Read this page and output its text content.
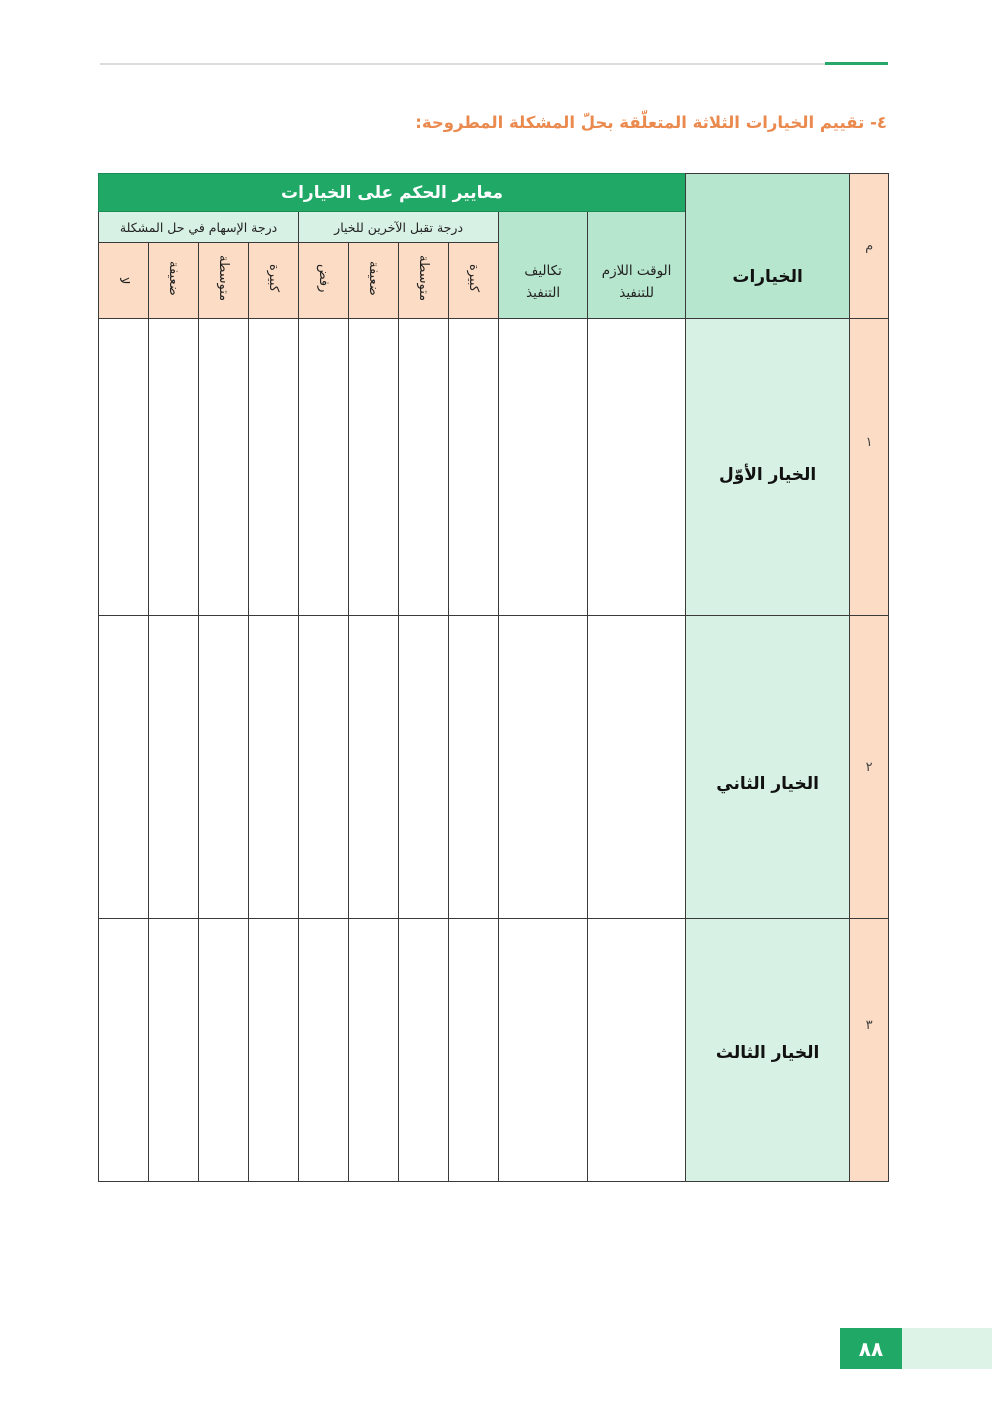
٤- تقييم الخيارات الثلاثة المتعلّقة بحلّ المشكلة المطروحة:
م	الخيارات	معايير الحكم على الخيارات									
		الوقت اللازم للتنفيذ	تكاليف التنفيذ	درجة تقبل الآخرين للخيار				درجة الإسهام في حل المشكلة			
				كبيرة	متوسطة	ضعيفة	رفض	كبيرة	متوسطة	ضعيفة	لا
١	الخيار الأوّل										
٢	الخيار الثاني										
٣	الخيار الثالث										
٨٨
